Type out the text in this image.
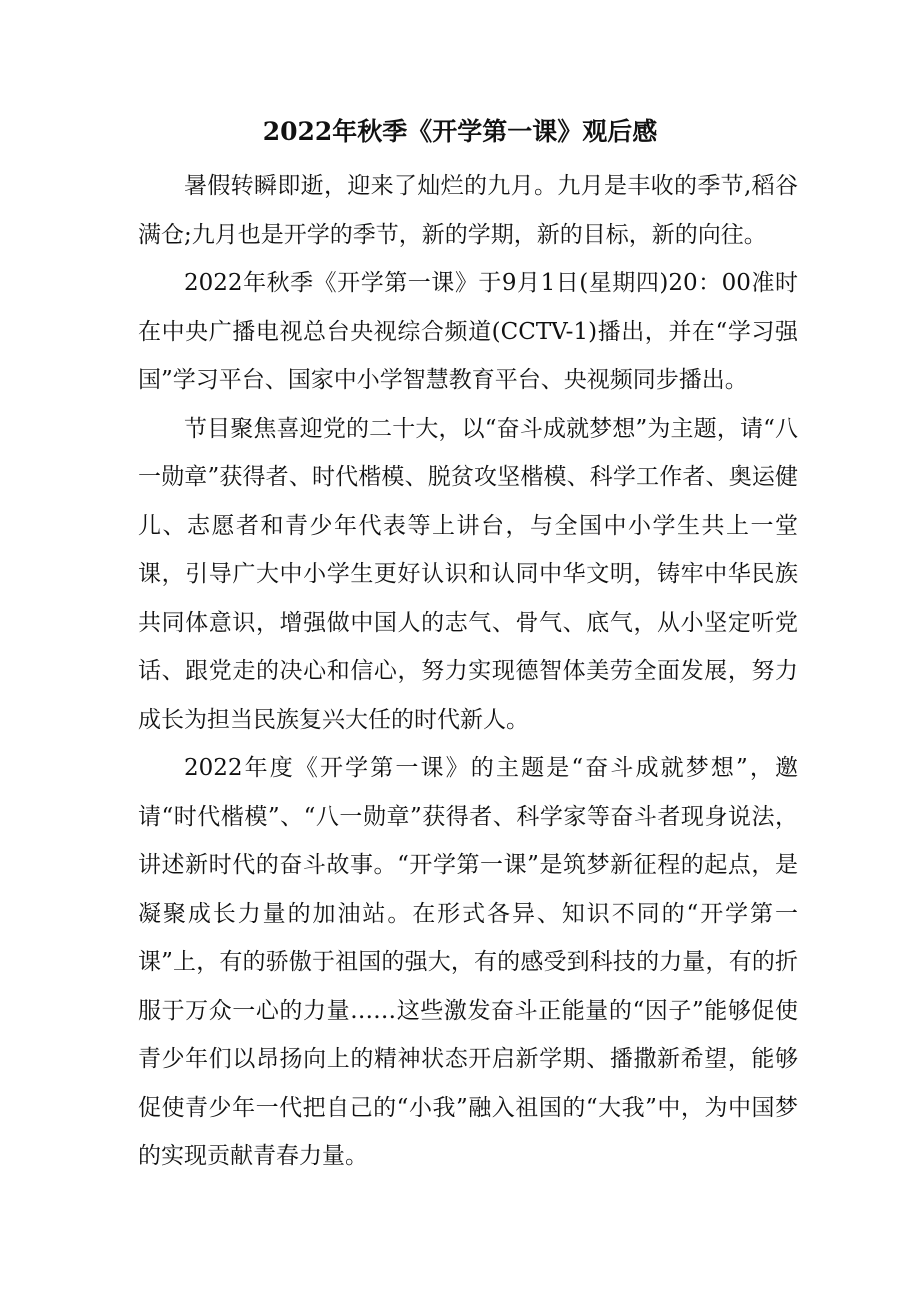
2022年秋季《开学第一课》观后感

暑假转瞬即逝，迎来了灿烂的九月。九月是丰收的季节,稻谷满仓;九月也是开学的季节，新的学期，新的目标，新的向往。

2022年秋季《开学第一课》于9月1日(星期四)20：00准时在中央广播电视总台央视综合频道(CCTV-1)播出，并在“学习强国”学习平台、国家中小学智慧教育平台、央视频同步播出。

节目聚焦喜迎党的二十大，以“奋斗成就梦想”为主题，请“八一勋章”获得者、时代楷模、脱贫攻坚楷模、科学工作者、奥运健儿、志愿者和青少年代表等上讲台，与全国中小学生共上一堂课，引导广大中小学生更好认识和认同中华文明，铸牢中华民族共同体意识，增强做中国人的志气、骨气、底气，从小坚定听党话、跟党走的决心和信心，努力实现德智体美劳全面发展，努力成长为担当民族复兴大任的时代新人。

2022年度《开学第一课》的主题是“奋斗成就梦想”，邀请“时代楷模”、“八一勋章”获得者、科学家等奋斗者现身说法，讲述新时代的奋斗故事。“开学第一课”是筑梦新征程的起点，是凝聚成长力量的加油站。在形式各异、知识不同的“开学第一课”上，有的骄傲于祖国的强大，有的感受到科技的力量，有的折服于万众一心的力量……这些激发奋斗正能量的“因子”能够促使青少年们以昂扬向上的精神状态开启新学期、播撒新希望，能够促使青少年一代把自己的“小我”融入祖国的“大我”中，为中国梦的实现贡献青春力量。
